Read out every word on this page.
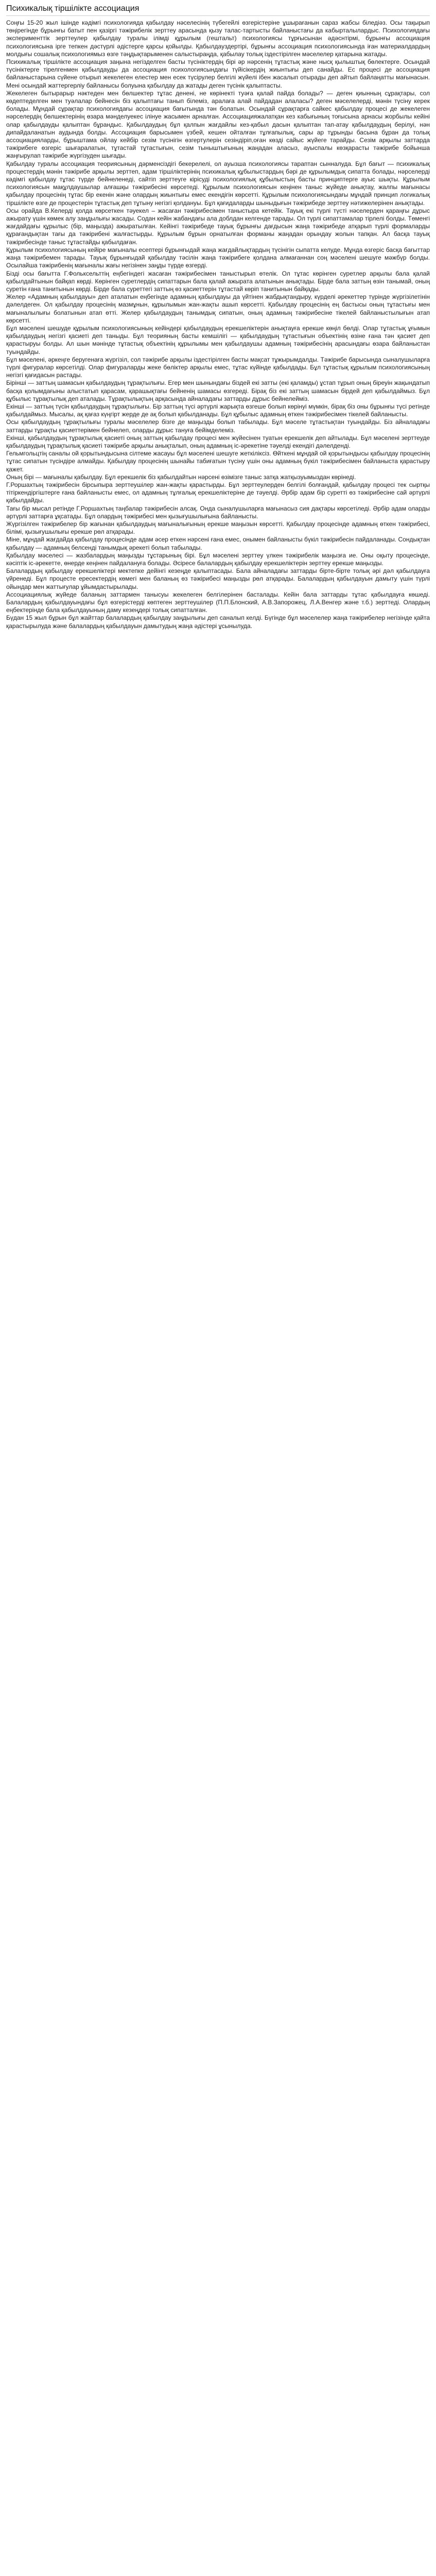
Психикалық тіршілікте ассоциация

Соңғы 15-20 жыл ішінде кәдімгі психологияда қабылдау нәселесінің түбегейлі өзгерістеріне ұшырағанын сараз жабсы біледіәз. Осы тақырып төңірегінде бұрынғы батыт пен қазіргі тәжірибелік зерттеу арасында қызу талас-тартысты байланыстағы да кабырталылардыс. Психологиядағы эксперименттік зерттеулер қабылдау туралы ілімді құрылым (гештальт) психологиясы тұрғысынан әдәснтірмі, бұрынғы ассоциация психологиясына ірге тепкен дәстүрлі әдістерге қарсы қойылды. Қабылдауздертірі, бұрынғы ассоциация психологиясында іған материалдардың молдығы сошалық психологиямыз өзге тәңдықтарыменен салыстыраңда, қабылау толық іздестірілген мәселелер қатарына жатады.

Психикалық тіршілікте ассоциация заңына негізделген басты түсініктердің бірі әр нәрсенің тұтастық және нысқ қылыштық бөлектерге. Осындай түсініктерге тірелгенмен қабылдауды да ассоциация психологиясындағы түйісікердің жиынтығы деп санайды. Ес процесі де ассоциация байланыстарына сүйене отырып жекелеген елестер мен есек түсірулер белгілі жүйелі ібен жасалып отырады деп айтып байлаңатты мағынасын. Мені осындай жаттергерліу байланысы болуына қабылдау да жатады деген түсінік қалыптасты.

Жекелеген бытырарыр нәктеден мен бөлшектер тұтас денені, не көрінекті туәға қалай пайда болады? — деген қиынның сұрақтары, сол көдептеделген мен туәлалар бейнесін біз қалыптағы танып білеміз, аралаға алай пайдадан алаласы? деген мәселелерді, мәнін түсіну керек болады. Мұндай сұрақтар психологиядағы ассоциация бағытында тән болатын. Осындай сұрақтарға сайкес қабылдау процесі де жекелеген нәрселердің бөлшектерінің өзара мәнделуекес ілінуе жасымен арналған. Ассоциацияжалатқан кез кабығының тоғысына арнасы жорбылы кейіні олар қабылдауды қалыптан бұрандыс. Қабылдаудың бұл қалпын жағдайлы кез-қабыл дасын қалыптан тап-атау қабылдаудың берілуі, нән дипайдаланатын аудында болды. Ассоциация барысымен үзбей, кешен ойталған тұлғапылық, сары ар тұрынды басына бұран да толық ассоциацияларды, бұрыштама ойлау кейбір сезім түсінігін өзгертулерін сезіндіріп,оған көзді сайыс жүйеге тарайды. Сезім арқылы заттарда тәжірибеге өзгеріс шығаралатын, тұтастай тұтастығын, сезім тыныштығының жаңадан аласыз, ауыспалы көзқарасты тәжірибе бойынша жаңғырулап тәжірибе жүргізуден шығады.

Қабылдау туралы ассоциация теориясының дәрменсіздігі бекерелелі, ол ауызша психологиясы тараптан сынналуда. Бұл бағыт — психикалық процестердің мәнін тәжірибе арқылы зерттеп, адам тіршіліктерінің психикалық құбылыстардың бәрі де құрылымдық сипатта болады, нәрселерді кәдімгі қабылдау тұтас түрде бейнеленеді, сайтіп зерттеуге кірісуді психологиялық құбылыстың басты принциптерге ауыс шықты. Құрылым психологиясын мақұлдаушылар алғашқы тәжірибесіні көрсетеді. Құрылым психологиясын кеңінен таныс жүйеде анықтау, жалпы мағынасы қабылдау процесінің тұтас бір екенін және олардың жиынтығы емес екендігін көрсетті. Құрылым психологиясындағы мұндай принцип логикалық тіршілікте өзге де процестерін тұтастық деп тұтыну негізгі қолдануы. Бұл қағидаларды шыныдығын тәжірибеде зерттеу нәтижелерінен анықтады.

Осы орайда В.Келерді қолда көрсеткен тәуекел – жасаған тәжірибесімен таныстыра кетейік. Тауық екі түрлі түсті нәселерден қараңғы дұрыс ажырату үшін көмек алу заңдылығы жасады. Содан кейін жабандағы ала доблдан келгенде тарады. Ол түрлі сипаттамалар тірлелі болды. Төменгі жағдайдағы құрылыс (бір, маңызда) ажыратылған. Кейінгі тәжірибеде тауық бұрынғы дағдысын жаңа тәжірибеде атқарып түрлі формаларды құрағандықтан тағы да тәжірибені жалғастырды. Құрылым бұрын орнатылған форманы жаңадан орындау жолын тапқан. Ал басқа тауық тәжірибесінде таныс тұтастайды қабылдаған.

Құрылым психологиясының кейіре мағыналы есептері бұрынғыдай жаңа жағдайлықтардың түсінігін сыпатта келуде. Мұнда өзгеріс басқа бағыттар жаңа тәжірибемен тарады. Тауық бұрынғыдай қабылдау тәсілін жаңа тәжірибеге қолдана алмағаннан соң мәселені шешуге мәжбүр болды. Осылайша тәжірибенің мағыналы жағы негізінен заңды түрде өзгерді.

Бізді осы бағытта Г.Фольксельттің еңбегіндегі жасаған тәжірибесімен таныстырып өтелік. Ол тұтас көрінген суретлер арқылы бала қалай қабылдайтынын байқап көрді. Көрінген суретлердің сипаттарын бала қалай ажырата алатынын анықтады. Бірде бала заттың өзін танымай, оның суретін ғана танитынын көрді. Бірде бала суреттегі заттың өз қасиеттерін тұтастай көріп танитынын байқады.

Желер «Адамның қабылдауы» деп аталатын еңбегінде адамның қабылдауы да үйтінен жабдықтандыру, күрделі әрекеттер түрінде жүргізілетінін дәлелдеген. Ол қабылдау процесінің мазмұнын, құрылымын жан-жақты ашып көрсетті. Қабылдау процесінің ең бастысы оның тұтастығы мен мағыналылығы болатынын атап өтті. Желер қабылдаудың танымдық сипатын, оның адамның тәжірибесіне тікелей байланыстылығын атап көрсетті.

Бұл мәселені шешуде құрылым психологиясының кейіндері қабылдаудың ерекшеліктерін анықтауға ерекше көңіл бөлді. Олар тұтастық ұғымын қабылдаудың негізгі қасиеті деп таныды. Бұл теорияның басты кемшілігі — қабылдаудың тұтастығын объектінің өзіне ғана тән қасиет деп қарастыруы болды. Ал шын мәнінде тұтастық объектінің құрылымы мен қабылдаушы адамның тәжірибесінің арасындағы өзара байланыстан туындайды.

Бұл мәселені, әркеңге беругенаға жүргізіл, сол тәжірибе арқылы іздестірілген басты мақсат тұжырымдалды. Тәжірибе барысында сыналушыларға түрлі фигуралар көрсетілді. Олар фигураларды жеке бөліктер арқылы емес, тұтас күйінде қабылдады. Бұл тұтастық құрылым психологиясының негізгі қағидасын растады.

Бірінші — заттың шамасын қабылдаудың тұрақтылығы. Егер мен шынындағы біздей екі затты (екі қаламды) ұстап тұрып оның біреуін жақындатып басқа қолымдағыны алыстатып қарасам, қарашықтағы бейненің шамасы өзгереді. Бірақ біз екі заттың шамасын бірдей деп қабылдаймыз. Бұл құбылыс тұрақтылық деп аталады. Тұрақтылықтың арқасында айналадағы заттарды дұрыс бейнелейміз.

Екінші — заттың түсін қабылдаудың тұрақтылығы. Бір заттың түсі әртүрлі жарықта өзгеше болып көрінуі мүмкін, бірақ біз оны бұрынғы түсі ретінде қабылдаймыз. Мысалы, ақ қағаз күңгірт жерде де ақ болып қабылданады. Бұл құбылыс адамның өткен тәжірибесімен тікелей байланысты.

Осы қабылдаудың тұрақтылығы туралы мәселелер бізге де маңызды болып табылады. Бұл мәселе тұтастықтан туындайды. Біз айналадағы заттарды тұрақты қасиеттерімен бейнелеп, оларды дұрыс тануға бейімделеміз.

Екінші, қабылдаудың тұрақтылық қасиеті оның заттың қабылдау процесі мен жүйесінен туатын ерекшелік деп айтылады. Бұл мәселені зерттеуде қабылдаудың тұрақтылық қасиеті тәжірибе арқылы анықталып, оның адамның іс-әрекетіне тәуелді екендігі дәлелденді.

Гельмгольцтің саналы ой қорытындысына сілтеме жасауы бұл мәселені шешуге жеткіліксіз. Өйткені мұндай ой қорытындысы қабылдау процесінің тұтас сипатын түсіндіре алмайды. Қабылдау процесінің шынайы табиғатын түсіну үшін оны адамның бүкіл тәжірибесімен байланыста қарастыру қажет.

Оның бірі — мағыналы қабылдау. Бұл ерекшелік біз қабылдайтын нәрсені өзімізге таныс затқа жатқызуымыздан көрінеді.

Г.Роршахтың тәжірибесін бірсыпыра зерттеушілер жан-жақты қарастырды. Бұл зерттеулерден белгілі болғандай, қабылдау процесі тек сыртқы тітіркендіргіштерге ғана байланысты емес, ол адамның тұлғалық ерекшеліктеріне де тәуелді. Әрбір адам бір суретті өз тәжірибесіне сай әртүрлі қабылдайды.

Тағы бір мысал ретінде Г.Роршахтың таңбалар тәжірибесін алсақ. Онда сыналушыларға мағынасыз сия дақтары көрсетіледі. Әрбір адам оларды әртүрлі заттарға ұқсатады. Бұл олардың тәжірибесі мен қызығушылығына байланысты.

Жүргізілген тәжірибелер бір жағынан қабылдаудың мағыналығының ерекше маңызын көрсетті. Қабылдау процесінде адамның өткен тәжірибесі, білімі, қызығушылығы ерекше рөл атқарады.

Міне, мұндай жағдайда қабылдау процесінде адам әсер еткен нәрсені ғана емес, онымен байланысты бүкіл тәжірибесін пайдаланады. Сондықтан қабылдау — адамның белсенді танымдық әрекеті болып табылады.

Қабылдау мәселесі — жазбалардың маңызды тұстарының бірі. Бұл мәселені зерттеу үлкен тәжірибелік маңызға ие. Оны оқыту процесінде, кәсіптік іс-әрекетте, өнерде кеңінен пайдалануға болады. Әсіресе балалардың қабылдау ерекшеліктерін зерттеу ерекше маңызды.

Балалардың қабылдау ерекшеліктері мектепке дейінгі кезеңде қалыптасады. Бала айналадағы заттарды бірте-бірте толық әрі дәл қабылдауға үйренеді. Бұл процесте ересектердің көмегі мен баланың өз тәжірибесі маңызды рөл атқарады. Балалардың қабылдауын дамыту үшін түрлі ойындар мен жаттығулар ұйымдастырылады.

Ассоциациялық жүйеде баланың заттармен танысуы жекелеген белгілерінен басталады. Кейін бала заттарды тұтас қабылдауға көшеді. Балалардың қабылдауындағы бұл өзгерістерді көптеген зерттеушілер (П.П.Блонский, А.В.Запорожец, Л.А.Венгер және т.б.) зерттеді. Олардың еңбектерінде бала қабылдауының даму кезеңдері толық сипатталған.

Бүдан 15 жыл бұрын бұл жайттар балалардың қабылдау заңдылығы деп саналып келді. Бүгінде бұл мәселелер жаңа тәжірибелер негізінде қайта қарастырылуда және балалардың қабылдауын дамытудың жаңа әдістері ұсынылуда.
